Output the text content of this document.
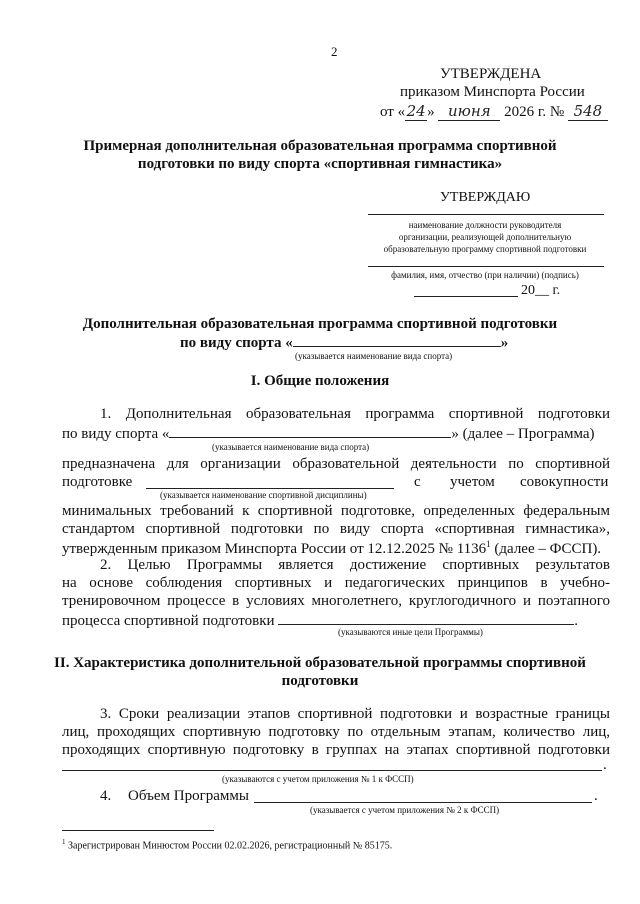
2
УТВЕРЖДЕНА
приказом Минспорта России
от «24» июня 2026 г. № 548
Примерная дополнительная образовательная программа спортивной
подготовки по виду спорта «спортивная гимнастика»
УТВЕРЖДАЮ
наименование должности руководителя
организации, реализующей дополнительную
образовательную программу спортивной подготовки
фамилия, имя, отчество (при наличии) (подпись)
20__ г.
Дополнительная образовательная программа спортивной подготовки
по виду спорта «	»
(указывается наименование вида спорта)
I. Общие положения
1. Дополнительная образовательная программа спортивной подготовки
по виду спорта «	» (далее – Программа)
(указывается наименование вида спорта)
предназначена для организации образовательной деятельности по спортивной
подготовке	с учетом совокупности
(указывается наименование спортивной дисциплины)
минимальных требований к спортивной подготовке, определенных федеральным
стандартом спортивной подготовки по виду спорта «спортивная гимнастика»,
утвержденным приказом Минспорта России от 12.12.2025 № 1136$^1$ (далее – ФССП).
2. Целью Программы является достижение спортивных результатов
на основе соблюдения спортивных и педагогических принципов в учебно-
тренировочном процессе в условиях многолетнего, круглогодичного и поэтапного
процесса спортивной подготовки	.
(указываются иные цели Программы)
II. Характеристика дополнительной образовательной программы спортивной
подготовки
3. Сроки реализации этапов спортивной подготовки и возрастные границы
лиц, проходящих спортивную подготовку по отдельным этапам, количество лиц,
проходящих спортивную подготовку в группах на этапах спортивной подготовки
.
(указываются с учетом приложения № 1 к ФССП)
4. Объем Программы	.
(указывается с учетом приложения № 2 к ФССП)
$^1$ Зарегистрирован Минюстом России 02.02.2026, регистрационный № 85175.
